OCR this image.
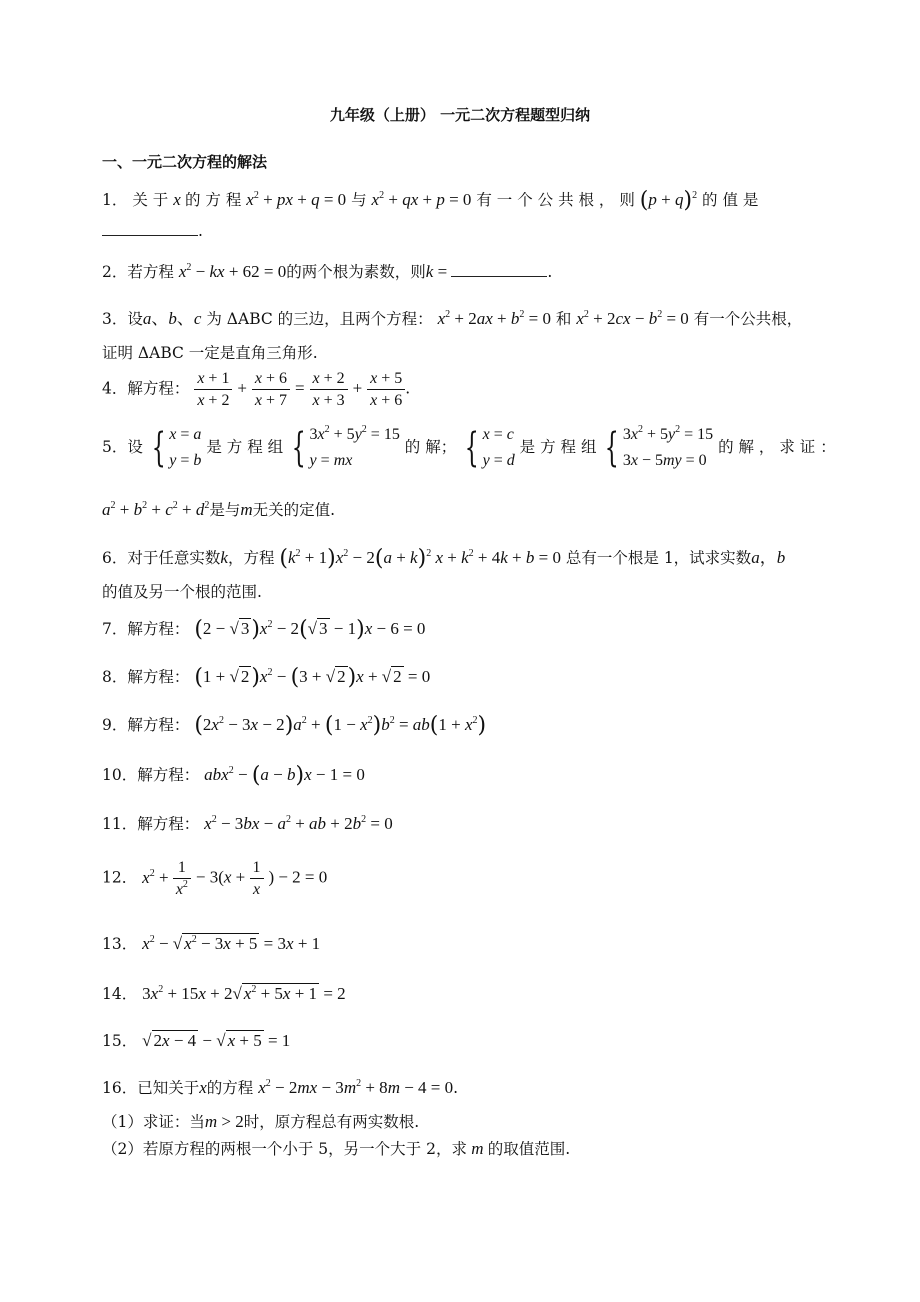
九年级（上册） 一元二次方程题型归纳
一、一元二次方程的解法
1． 关 于 x 的 方 程 $x^2$ + px + q = 0 与 $x^2$ + qx + p = 0 有 一 个 公 共 根 ， 则 $(p + q)^2$ 的 值 是
.
2．若方程 $x^2$ − kx + 62 = 0的两个根为素数，则k =	.
3．设a、b、c 为 ΔABC 的三边，且两个方程： $x^2 + 2ax + b^2 = 0$ 和 $x^2 + 2cx - b^2 = 0$ 有一个公共根，
证明 ΔABC 一定是直角三角形.
4．解方程： $\frac{x + 1}{x + 2} + \frac{x + 6}{x + 7} = \frac{x + 2}{x + 3} + \frac{x + 5}{x + 6}$ .
5．设 { x = a
y = b
是 方 程 组 { $3x^2 + 5y^2 = 15$
y = mx
的 解； { x = c
y = d
是 方 程 组 { $3x^2 + 5y^2 = 15$
3x − 5my = 0
的 解 ， 求 证 ：
$a^2 + b^2 + c^2 + d^2$是与m无关的定值.
6．对于任意实数k，方程 $(k^2 + 1)x^2 - 2(a + k)^2$ $x + k^2 + 4k + b = 0$ 总有一个根是 1，试求实数a，b
的值及另一个根的范围.
7．解方程： (2 − √ $3)x^2 - 2(√$ 3 − 1)x − 6 = 0
8．解方程： (1 + √ $2)x^2 - (3$ + √ 2)x + √ 2 = 0
9．解方程： $(2x^2 - 3x - 2)a^2 + (1 - x^2)b^2 = ab(1 + x^2)$
10．解方程： abx$^2$ − (a − b)x − 1 = 0
11．解方程： $x^2 - 3bx - a^2$ + ab + $2b^2 = 0$
12． $x^2 + \frac{1}{x^2} - 3(x + \frac{1}{x}$ ) − 2 = 0
13． $x^2$ − √ $x^2 - 3x + 5 = 3x + 1$
14． $3x^2 + 15x + 2√$ $x^2 + 5x + 1 = 2$
15． √ 2x − 4 − √ x + 5 = 1
16．已知关于x的方程 $x^2 - 2mx - 3m^2 + 8m - 4 = 0$.
（1）求证：当m > 2时，原方程总有两实数根.
（2）若原方程的两根一个小于 5，另一个大于 2，求 m 的取值范围.
